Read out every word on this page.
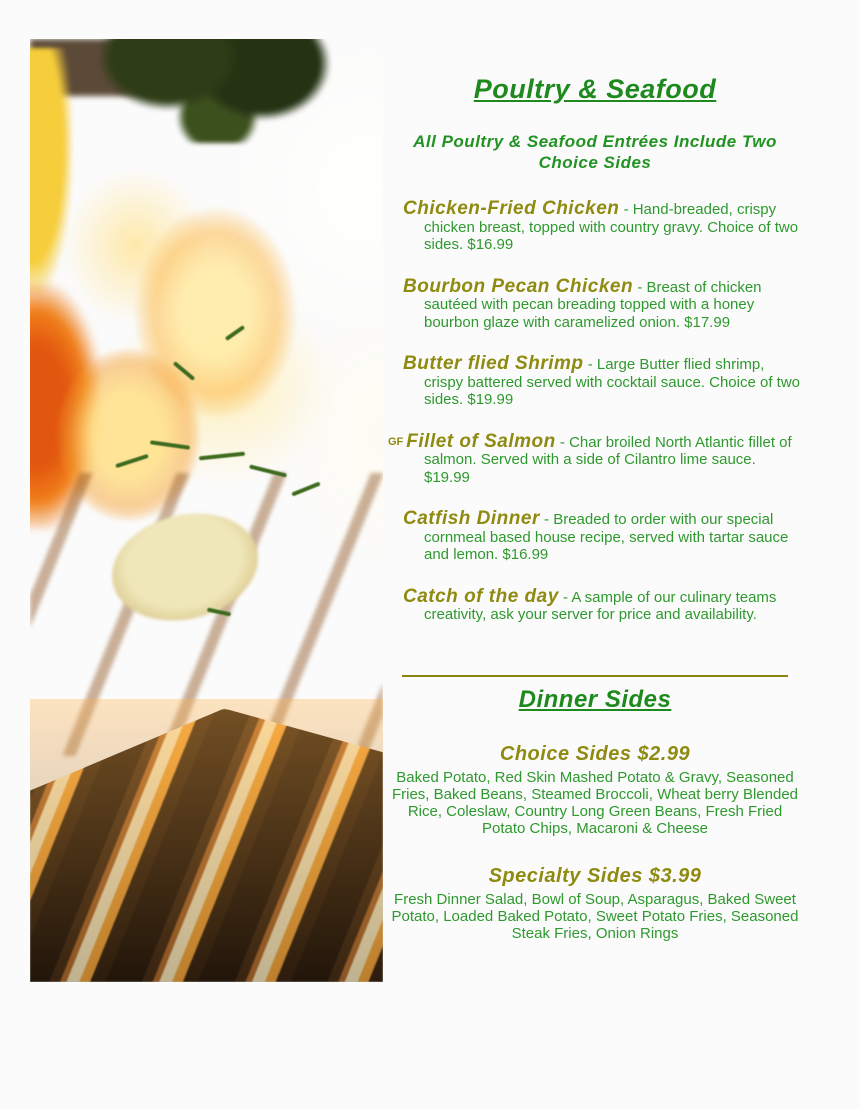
Poultry & Seafood

All Poultry & Seafood Entrées Include Two Choice Sides

Chicken-Fried Chicken - Hand-breaded, crispy chicken breast, topped with country gravy. Choice of two sides. $16.99

Bourbon Pecan Chicken - Breast of chicken sautéed with pecan breading topped with a honey bourbon glaze with caramelized onion. $17.99

Butter flied Shrimp - Large Butter flied shrimp, crispy battered served with cocktail sauce. Choice of two sides. $19.99

GF Fillet of Salmon - Char broiled North Atlantic fillet of salmon. Served with a side of Cilantro lime sauce. $19.99

Catfish Dinner - Breaded to order with our special cornmeal based house recipe, served with tartar sauce and lemon. $16.99

Catch of the day - A sample of our culinary teams creativity, ask your server for price and availability.

Dinner Sides

Choice Sides $2.99

Baked Potato, Red Skin Mashed Potato & Gravy, Seasoned Fries, Baked Beans, Steamed Broccoli, Wheat berry Blended Rice, Coleslaw, Country Long Green Beans, Fresh Fried Potato Chips, Macaroni & Cheese

Specialty Sides $3.99

Fresh Dinner Salad, Bowl of Soup, Asparagus, Baked Sweet Potato, Loaded Baked Potato, Sweet Potato Fries, Seasoned Steak Fries, Onion Rings
